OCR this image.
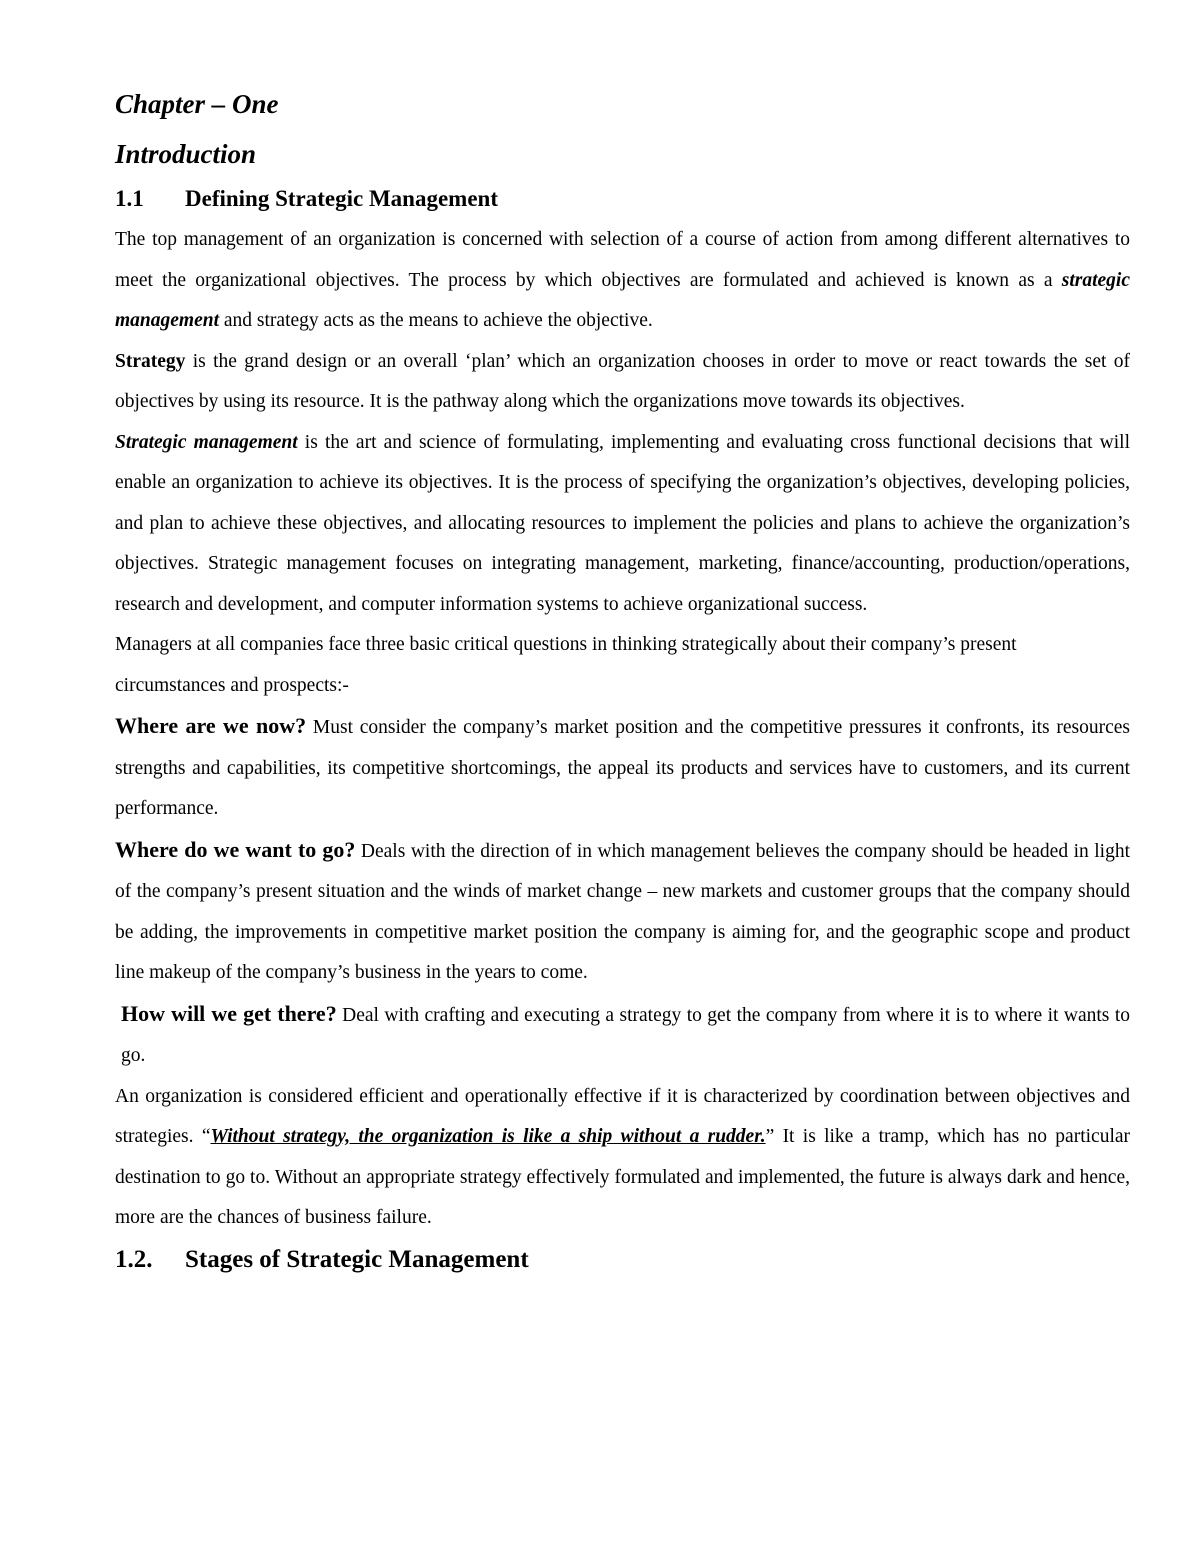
Chapter – One
Introduction
1.1	Defining Strategic Management

The top management of an organization is concerned with selection of a course of action from among different alternatives to meet the organizational objectives. The process by which objectives are formulated and achieved is known as a strategic management and strategy acts as the means to achieve the objective.

Strategy is the grand design or an overall ‘plan’ which an organization chooses in order to move or react towards the set of objectives by using its resource. It is the pathway along which the organizations move towards its objectives.

Strategic management is the art and science of formulating, implementing and evaluating cross functional decisions that will enable an organization to achieve its objectives. It is the process of specifying the organization’s objectives, developing policies, and plan to achieve these objectives, and allocating resources to implement the policies and plans to achieve the organization’s objectives. Strategic management focuses on integrating management, marketing, finance/accounting, production/operations, research and development, and computer information systems to achieve organizational success.

Managers at all companies face three basic critical questions in thinking strategically about their company’s present circumstances and prospects:-

Where are we now? Must consider the company’s market position and the competitive pressures it confronts, its resources strengths and capabilities, its competitive shortcomings, the appeal its products and services have to customers, and its current performance.

Where do we want to go? Deals with the direction of in which management believes the company should be headed in light of the company’s present situation and the winds of market change – new markets and customer groups that the company should be adding, the improvements in competitive market position the company is aiming for, and the geographic scope and product line makeup of the company’s business in the years to come.

How will we get there? Deal with crafting and executing a strategy to get the company from where it is to where it wants to go.

An organization is considered efficient and operationally effective if it is characterized by coordination between objectives and strategies. “Without strategy, the organization is like a ship without a rudder.” It is like a tramp, which has no particular destination to go to. Without an appropriate strategy effectively formulated and implemented, the future is always dark and hence, more are the chances of business failure.

1.2.	Stages of Strategic Management
